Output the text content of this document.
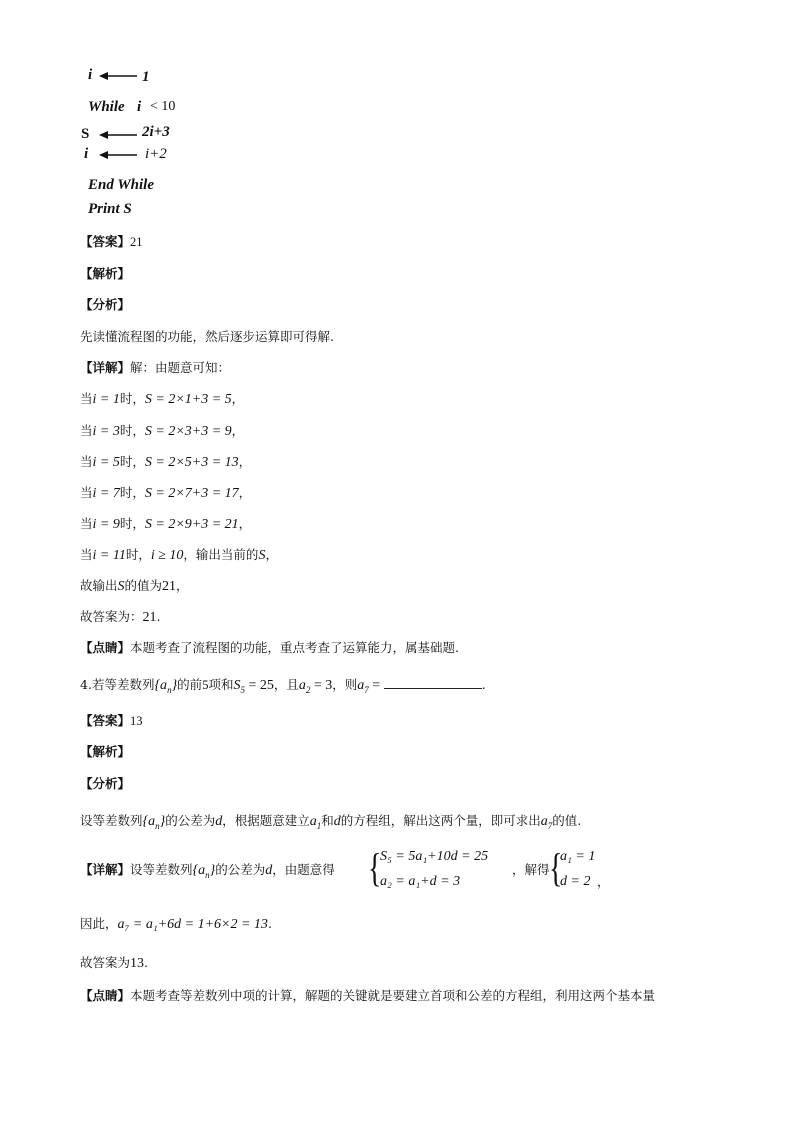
i	1
While i < 10
S	2i+3
i	i+2
End While
Print S
【答案】21
【解析】
【分析】
先读懂流程图的功能，然后逐步运算即可得解.
【详解】解：由题意可知：
当i = 1时，S = 2×1+3 = 5，
当i = 3时，S = 2×3+3 = 9，
当i = 5时，S = 2×5+3 = 13，
当i = 7时，S = 2×7+3 = 17，
当i = 9时，S = 2×9+3 = 21，
当i = 11时，i ≥ 10，输出当前的S，
故输出S的值为21，
故答案为：21.
【点睛】本题考查了流程图的功能，重点考查了运算能力，属基础题.
4.若等差数列$\{a_n\}$的前5项和$S_5 = 25$，且$a_2 = 3$，则$a_7$ =	.
【答案】13
【解析】
【分析】
设等差数列$\{a_n\}$的公差为d，根据题意建立$a_1$和d的方程组，解出这两个量，即可求出$a_7$的值.
【详解】设等差数列$\{a_n\}$的公差为d，由题意得 {
S₅ = 5a₁+10d = 25
a₂ = a₁+d = 3
，解得 {
a₁ = 1
d = 2 ，
因此，a₇ = a₁+6d = 1+6×2 = 13.
故答案为13.
【点睛】本题考查等差数列中项的计算，解题的关键就是要建立首项和公差的方程组，利用这两个基本量
